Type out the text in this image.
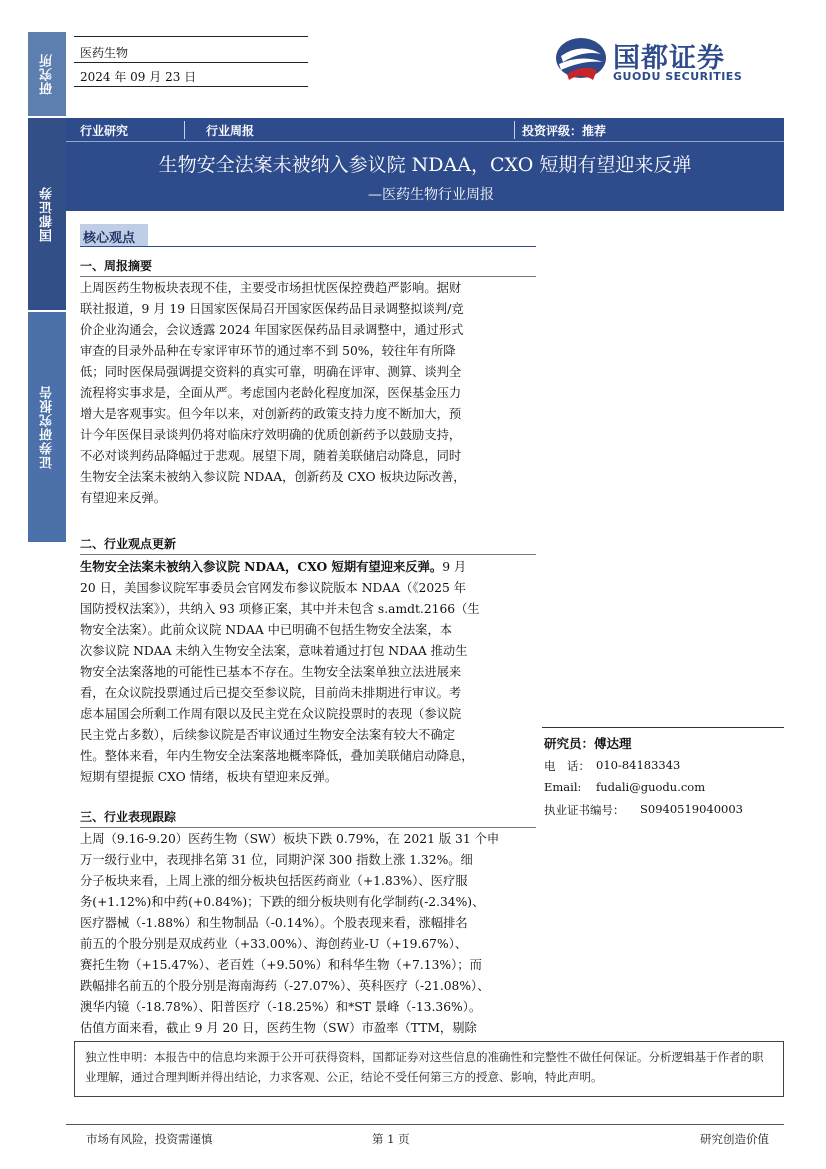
研究所
国都证券
证券研究报告
医药生物
2024 年 09 月 23 日
国都证券
GUODU SECURITIES
行业研究	行业周报	投资评级：推荐
生物安全法案未被纳入参议院 NDAA，CXO 短期有望迎来反弹
—医药生物行业周报
核心观点
一、周报摘要
上周医药生物板块表现不佳，主要受市场担忧医保控费趋严影响。据财
联社报道，9 月 19 日国家医保局召开国家医保药品目录调整拟谈判/竞
价企业沟通会，会议透露 2024 年国家医保药品目录调整中，通过形式
审查的目录外品种在专家评审环节的通过率不到 50%，较往年有所降
低；同时医保局强调提交资料的真实可靠，明确在评审、测算、谈判全
流程将实事求是，全面从严。考虑国内老龄化程度加深，医保基金压力
增大是客观事实。但今年以来，对创新药的政策支持力度不断加大，预
计今年医保目录谈判仍将对临床疗效明确的优质创新药予以鼓励支持，
不必对谈判药品降幅过于悲观。展望下周，随着美联储启动降息，同时
生物安全法案未被纳入参议院 NDAA，创新药及 CXO 板块边际改善，
有望迎来反弹。
二、行业观点更新
生物安全法案未被纳入参议院 NDAA，CXO 短期有望迎来反弹。9 月
20 日，美国参议院军事委员会官网发布参议院版本 NDAA（《2025 年
国防授权法案》），共纳入 93 项修正案，其中并未包含 s.amdt.2166（生
物安全法案）。此前众议院 NDAA 中已明确不包括生物安全法案，本
次参议院 NDAA 未纳入生物安全法案，意味着通过打包 NDAA 推动生
物安全法案落地的可能性已基本不存在。生物安全法案单独立法进展来
看，在众议院投票通过后已提交至参议院，目前尚未排期进行审议。考
虑本届国会所剩工作周有限以及民主党在众议院投票时的表现（参议院
民主党占多数），后续参议院是否审议通过生物安全法案有较大不确定
性。整体来看，年内生物安全法案落地概率降低，叠加美联储启动降息，
短期有望提振 CXO 情绪，板块有望迎来反弹。
三、行业表现跟踪
上周（9.16-9.20）医药生物（SW）板块下跌 0.79%，在 2021 版 31 个申
万一级行业中，表现排名第 31 位，同期沪深 300 指数上涨 1.32%。细
分子板块来看，上周上涨的细分板块包括医药商业（+1.83%）、医疗服
务(+1.12%)和中药(+0.84%)；下跌的细分板块则有化学制药(-2.34%)、
医疗器械（-1.88%）和生物制品（-0.14%）。个股表现来看，涨幅排名
前五的个股分别是双成药业（+33.00%）、海创药业-U（+19.67%）、
赛托生物（+15.47%）、老百姓（+9.50%）和科华生物（+7.13%）；而
跌幅排名前五的个股分别是海南海药（-27.07%）、英科医疗（-21.08%）、
澳华内镜（-18.78%）、阳普医疗（-18.25%）和*ST 景峰（-13.36%）。
估值方面来看，截止 9 月 20 日，医药生物（SW）市盈率（TTM，剔除
研究员：傅达理
电　话： 010-84183343
Email: fudali@guodu.com
执业证书编号： S0940519040003
独立性申明：本报告中的信息均来源于公开可获得资料，国都证券对这些信息的准确性和完整性不做任何保证。分析逻辑基于作者的职业理解，通过合理判断并得出结论，力求客观、公正，结论不受任何第三方的授意、影响，特此声明。
市场有风险，投资需谨慎	第 1 页	研究创造价值
